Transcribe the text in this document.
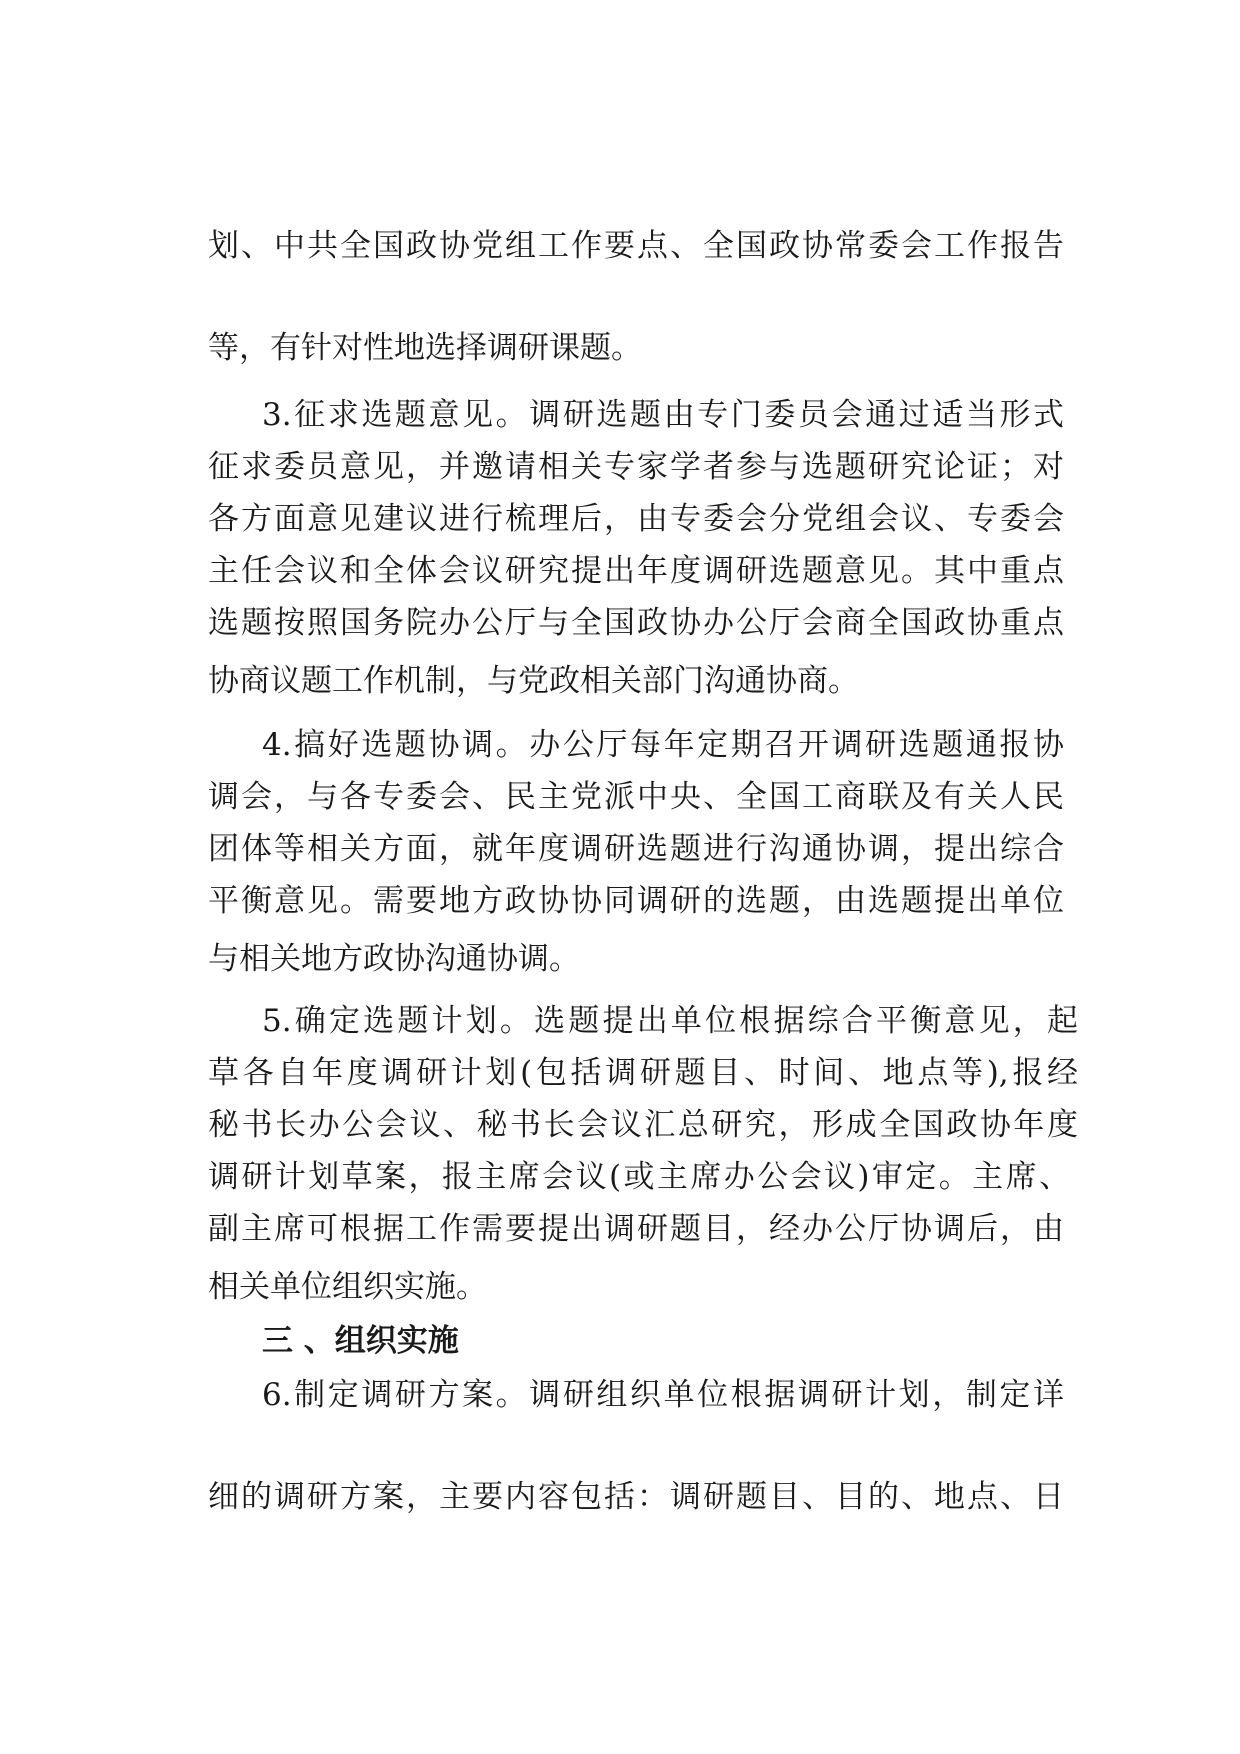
划、中共全国政协党组工作要点、全国政协常委会工作报告
等，有针对性地选择调研课题。
3.征求选题意见。调研选题由专门委员会通过适当形式
征求委员意见，并邀请相关专家学者参与选题研究论证；对
各方面意见建议进行梳理后，由专委会分党组会议、专委会
主任会议和全体会议研究提出年度调研选题意见。其中重点
选题按照国务院办公厅与全国政协办公厅会商全国政协重点
协商议题工作机制，与党政相关部门沟通协商。
4.搞好选题协调。办公厅每年定期召开调研选题通报协
调会，与各专委会、民主党派中央、全国工商联及有关人民
团体等相关方面，就年度调研选题进行沟通协调，提出综合
平衡意见。需要地方政协协同调研的选题，由选题提出单位
与相关地方政协沟通协调。
5.确定选题计划。选题提出单位根据综合平衡意见，起
草各自年度调研计划(包括调研题目、时间、地点等),报经
秘书长办公会议、秘书长会议汇总研究，形成全国政协年度
调研计划草案，报主席会议(或主席办公会议)审定。主席、
副主席可根据工作需要提出调研题目，经办公厅协调后，由
相关单位组织实施。
三 、组织实施
6.制定调研方案。调研组织单位根据调研计划，制定详
细的调研方案，主要内容包括：调研题目、目的、地点、日
